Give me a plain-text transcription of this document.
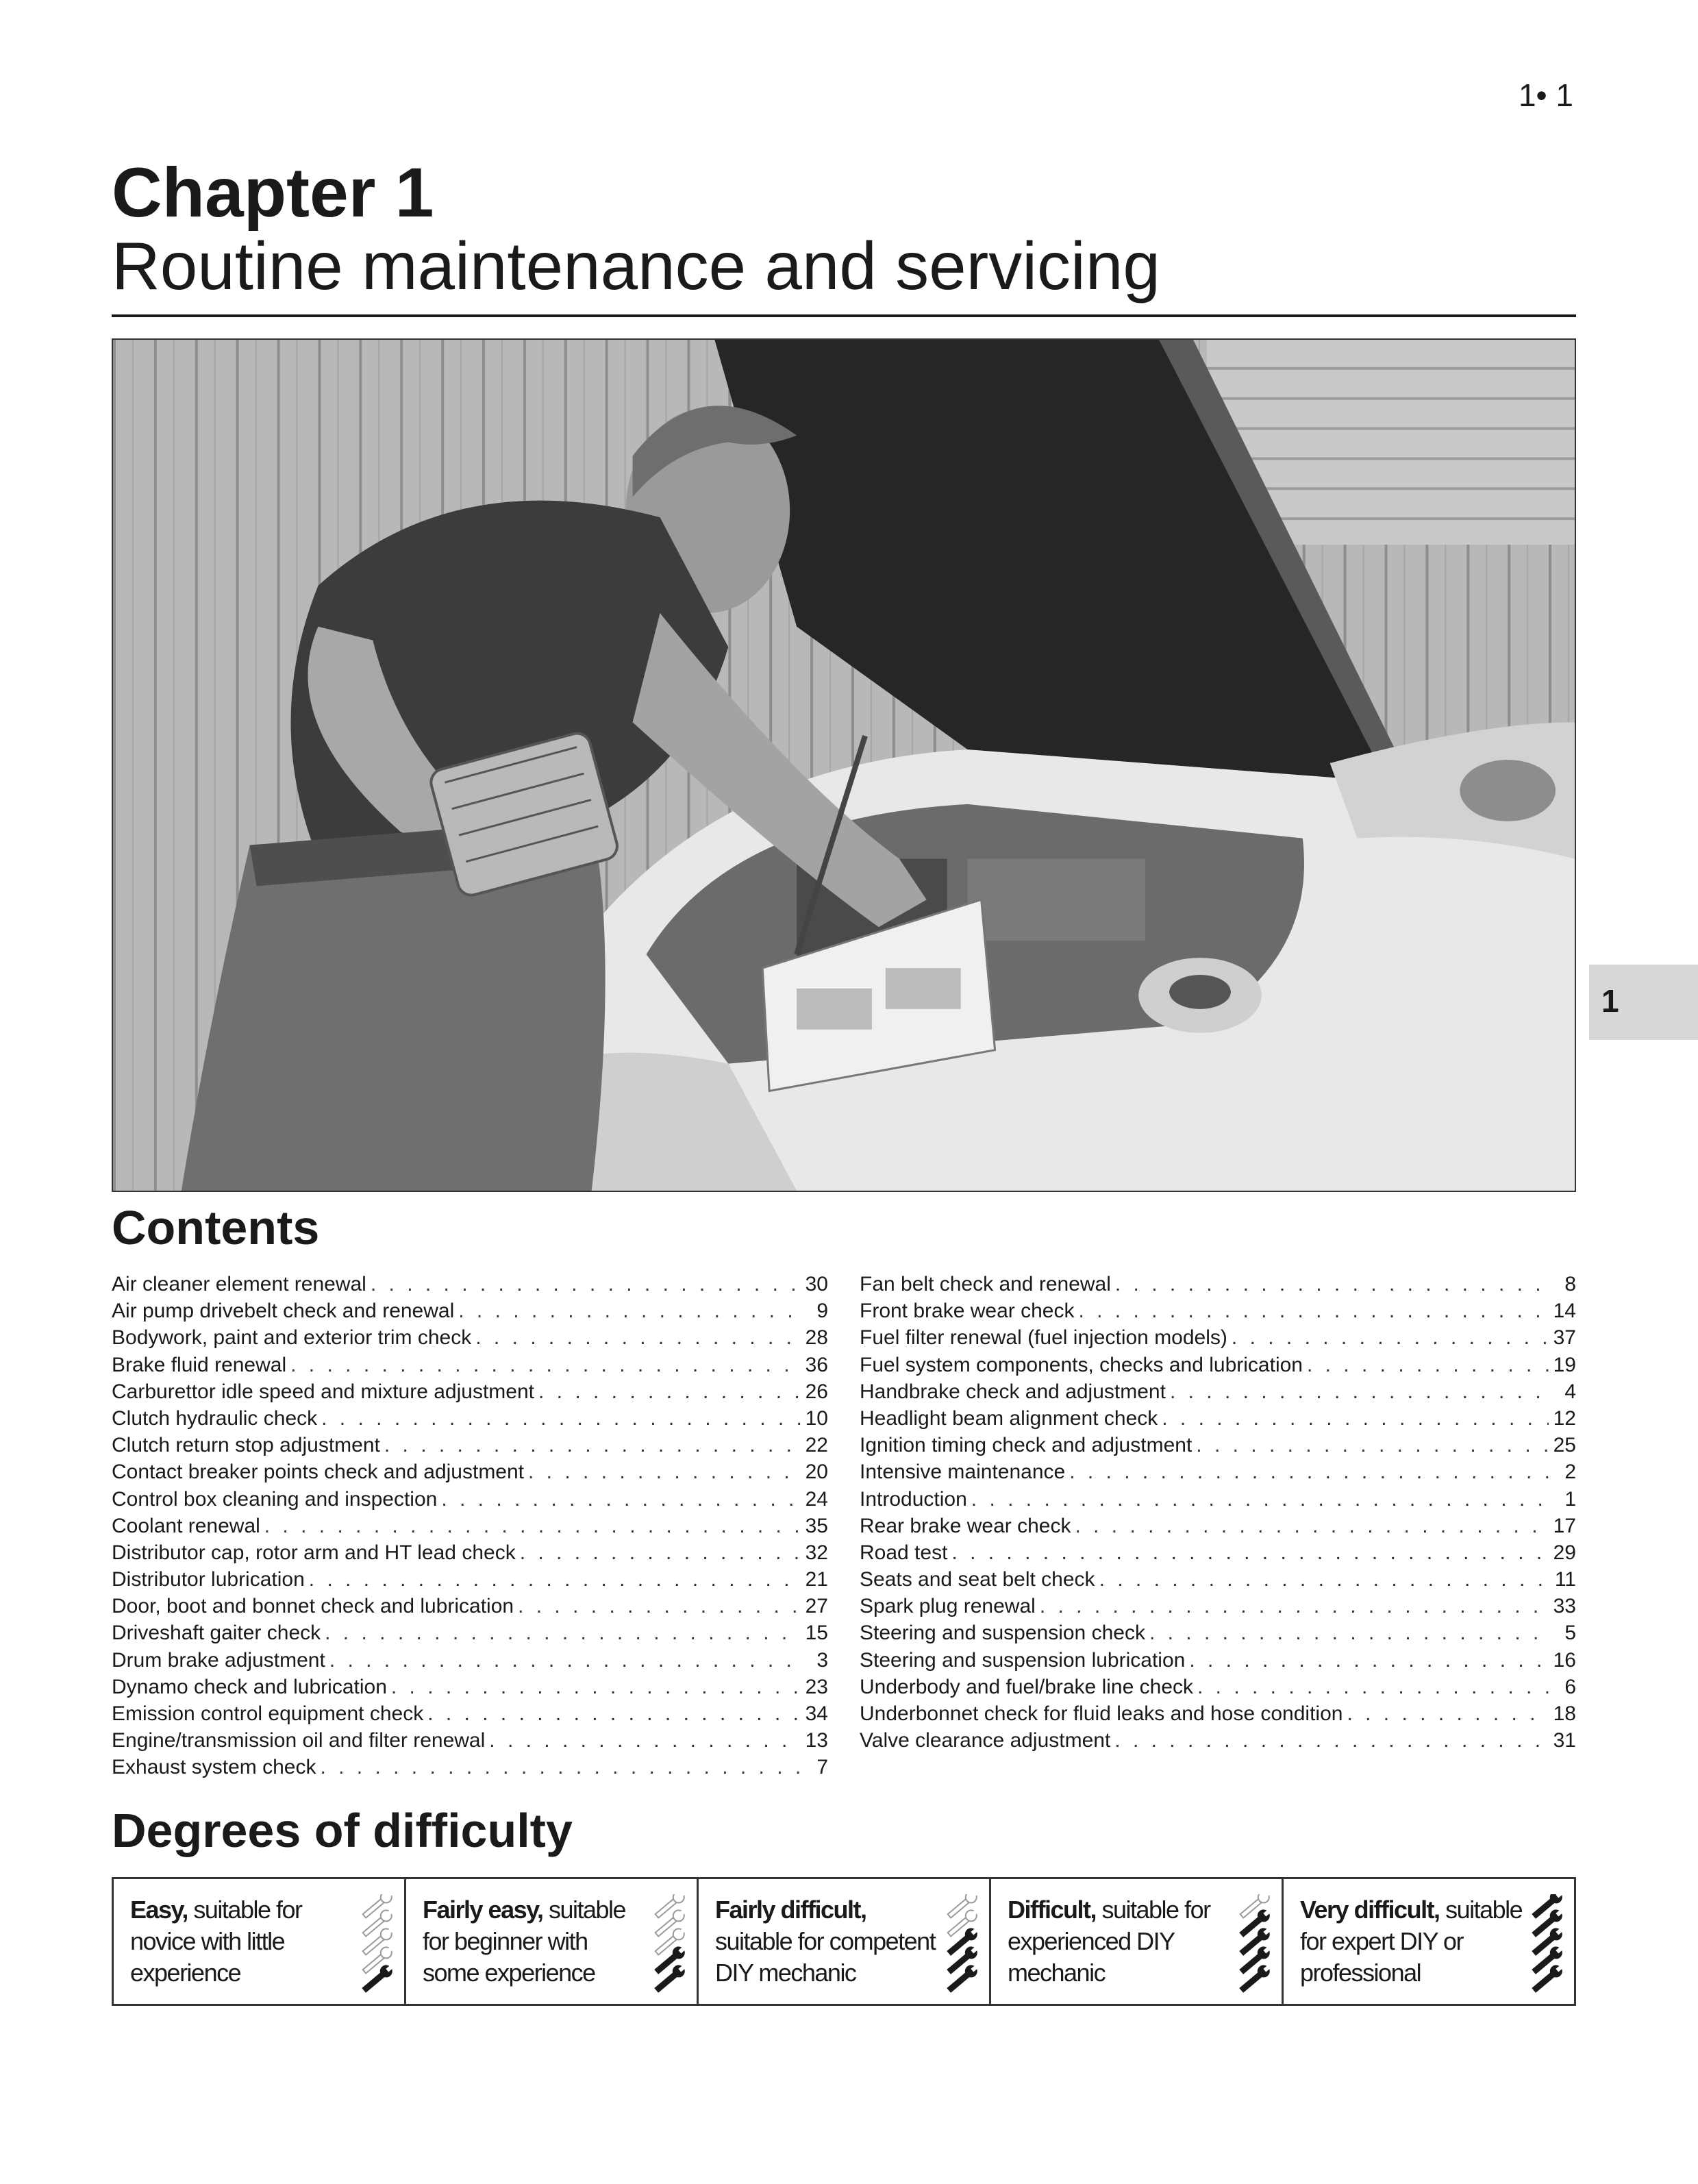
1• 1
Chapter 1
Routine maintenance and servicing
1
Contents
Air cleaner element renewal . . .	30
Air pump drivebelt check and renewal . . .	9
Bodywork, paint and exterior trim check . . .	28
Brake fluid renewal . . .	36
Carburettor idle speed and mixture adjustment . . .	26
Clutch hydraulic check . . .	10
Clutch return stop adjustment . . .	22
Contact breaker points check and adjustment . . .	20
Control box cleaning and inspection . . .	24
Coolant renewal . . .	35
Distributor cap, rotor arm and HT lead check . . .	32
Distributor lubrication . . .	21
Door, boot and bonnet check and lubrication . . .	27
Driveshaft gaiter check . . .	15
Drum brake adjustment . . .	3
Dynamo check and lubrication . . .	23
Emission control equipment check . . .	34
Engine/transmission oil and filter renewal . . .	13
Exhaust system check . . .	7
Fan belt check and renewal . . .	8
Front brake wear check . . .	14
Fuel filter renewal (fuel injection models) . . .	37
Fuel system components, checks and lubrication . . .	19
Handbrake check and adjustment . . .	4
Headlight beam alignment check . . .	12
Ignition timing check and adjustment . . .	25
Intensive maintenance . . .	2
Introduction . . .	1
Rear brake wear check . . .	17
Road test . . .	29
Seats and seat belt check . . .	11
Spark plug renewal . . .	33
Steering and suspension check . . .	5
Steering and suspension lubrication . . .	16
Underbody and fuel/brake line check . . .	6
Underbonnet check for fluid leaks and hose condition . . .	18
Valve clearance adjustment . . .	31
Degrees of difficulty
Easy, suitable for novice with little experience
Fairly easy, suitable for beginner with some experience
Fairly difficult, suitable for competent DIY mechanic
Difficult, suitable for experienced DIY mechanic
Very difficult, suitable for expert DIY or professional
